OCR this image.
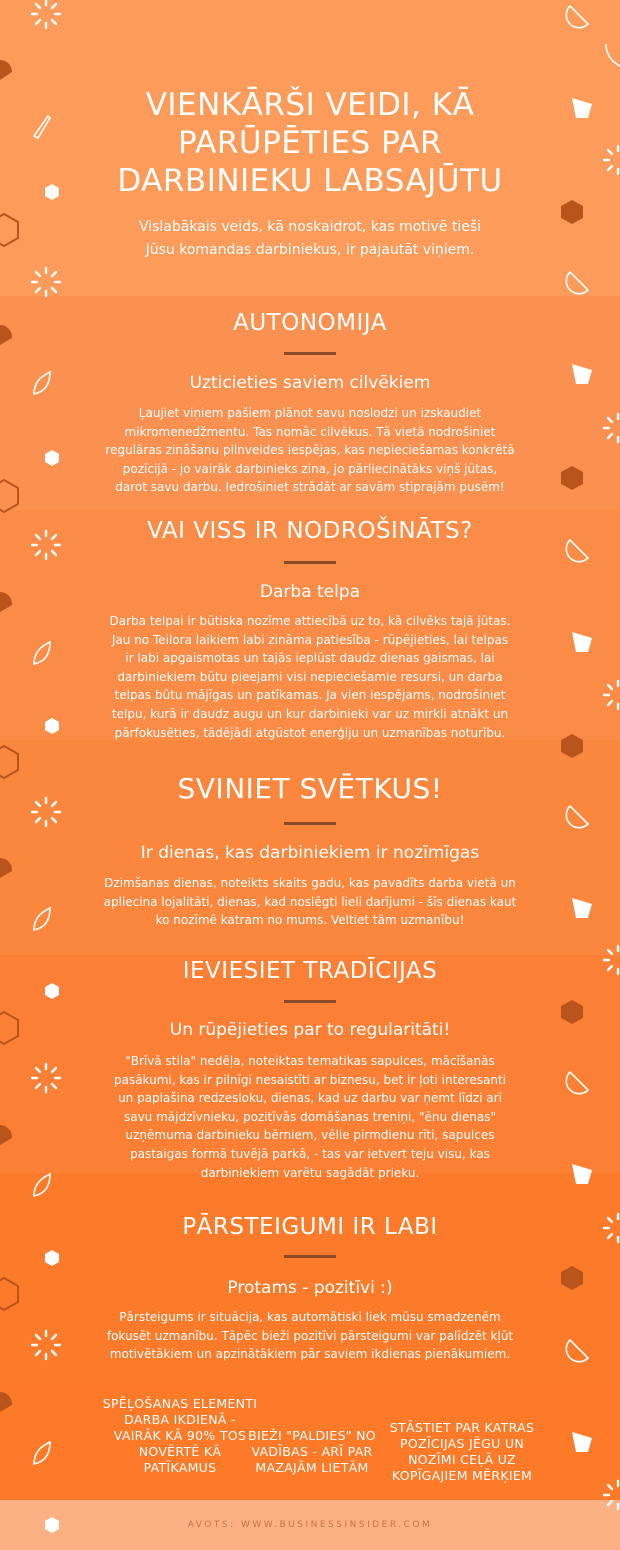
VIENKĀRŠI VEIDI, KĀ
PARŪPĒTIES PAR
DARBINIEKU LABSAJŪTU
Vislabākais veids, kā noskaidrot, kas motivē tieši
Jūsu komandas darbiniekus, ir pajautāt viņiem.
AUTONOMIJA
Uzticieties saviem cilvēkiem
Ļaujiet viņiem pašiem plānot savu noslodzi un izskaudiet
mikromenedžmentu. Tas nomāc cilvēkus. Tā vietā nodrošiniet
regulāras zināšanu pilnveides iespējas, kas nepieciešamas konkrētā
pozīcijā - jo vairāk darbinieks zina, jo pārliecinātāks viņš jūtas,
darot savu darbu. Iedrošiniet strādāt ar savām stiprajām pusēm!
VAI VISS IR NODROŠINĀTS?
Darba telpa
Darba telpai ir būtiska nozīme attiecībā uz to, kā cilvēks tajā jūtas.
Jau no Teilora laikiem labi zināma patiesība - rūpējieties, lai telpas
ir labi apgaismotas un tajās ieplūst daudz dienas gaismas, lai
darbiniekiem būtu pieejami visi nepieciešamie resursi, un darba
telpas būtu mājīgas un patīkamas. Ja vien iespējams, nodrošiniet
telpu, kurā ir daudz augu un kur darbinieki var uz mirkli atnākt un
pārfokusēties, tādējādi atgūstot enerģiju un uzmanības noturību.
SVINIET SVĒTKUS!
Ir dienas, kas darbiniekiem ir nozīmīgas
Dzimšanas dienas, noteikts skaits gadu, kas pavadīts darba vietā un
apliecina lojalitāti, dienas, kad noslēgti lieli darījumi - šīs dienas kaut
ko nozīmē katram no mums. Veltiet tām uzmanību!
IEVIESIET TRADĪCIJAS
Un rūpējieties par to regularitāti!
"Brīvā stila" nedēļa, noteiktas tematikas sapulces, mācīšanās
pasākumi, kas ir pilnīgi nesaistīti ar biznesu, bet ir ļoti interesanti
un paplašina redzesloku, dienas, kad uz darbu var ņemt līdzi arī
savu mājdzīvnieku, pozitīvās domāšanas treniņi, "ēnu dienas"
uzņēmuma darbinieku bērniem, vēlie pirmdienu rīti, sapulces
pastaigas formā tuvējā parkā, - tas var ietvert teju visu, kas
darbiniekiem varētu sagādāt prieku.
PĀRSTEIGUMI IR LABI
Protams - pozitīvi :)
Pārsteigums ir situācija, kas automātiski liek mūsu smadzenēm
fokusēt uzmanību. Tāpēc bieži pozitīvi pārsteigumi var palīdzēt kļūt
motivētākiem un apzinātākiem pār saviem ikdienas pienākumiem.
SPĒĻOŠANAS ELEMENTI
DARBA IKDIENĀ -
VAIRĀK KĀ 90% TOS
NOVĒRTĒ KĀ
PATĪKAMUS
BIEŽI "PALDIES" NO
VADĪBAS - ARĪ PAR
MAZAJĀM LIETĀM
STĀSTIET PAR KATRAS
POZĪCIJAS JĒGU UN
NOZĪMI CEĻĀ UZ
KOPĪGAJIEM MĒRĶIEM
AVOTS: WWW.BUSINESSINSIDER.COM
